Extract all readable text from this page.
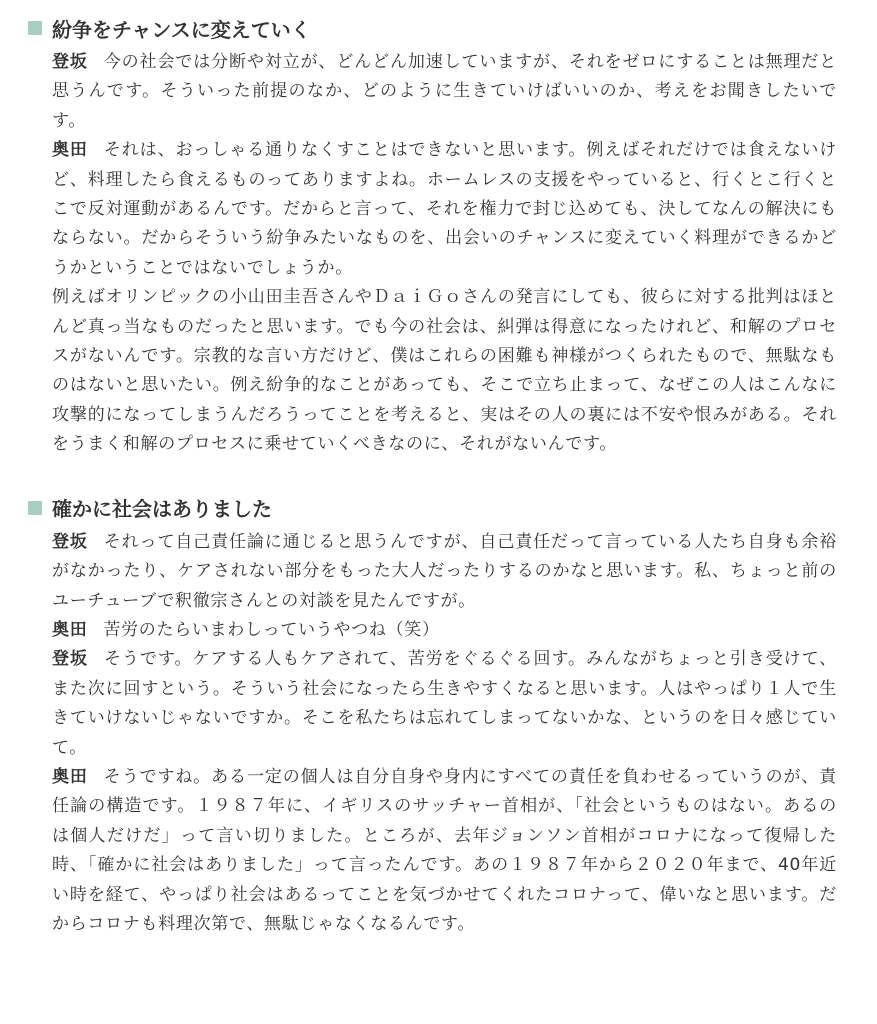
紛争をチャンスに変えていく

登坂 今の社会では分断や対立が、どんどん加速していますが、それをゼロにすることは無理だと思うんです。そういった前提のなか、どのように生きていけばいいのか、考えをお聞きしたいです。

奥田 それは、おっしゃる通りなくすことはできないと思います。例えばそれだけでは食えないけど、料理したら食えるものってありますよね。ホームレスの支援をやっていると、行くとこ行くとこで反対運動があるんです。だからと言って、それを権力で封じ込めても、決してなんの解決にもならない。だからそういう紛争みたいなものを、出会いのチャンスに変えていく料理ができるかどうかということではないでしょうか。

例えばオリンピックの小山田圭吾さんやＤａｉＧｏさんの発言にしても、彼らに対する批判はほとんど真っ当なものだったと思います。でも今の社会は、糾弾は得意になったけれど、和解のプロセスがないんです。宗教的な言い方だけど、僕はこれらの困難も神様がつくられたもので、無駄なものはないと思いたい。例え紛争的なことがあっても、そこで立ち止まって、なぜこの人はこんなに攻撃的になってしまうんだろうってことを考えると、実はその人の裏には不安や恨みがある。それをうまく和解のプロセスに乗せていくべきなのに、それがないんです。

確かに社会はありました

登坂 それって自己責任論に通じると思うんですが、自己責任だって言っている人たち自身も余裕がなかったり、ケアされない部分をもった大人だったりするのかなと思います。私、ちょっと前のユーチューブで釈徹宗さんとの対談を見たんですが。

奥田 苦労のたらいまわしっていうやつね（笑）

登坂 そうです。ケアする人もケアされて、苦労をぐるぐる回す。みんながちょっと引き受けて、また次に回すという。そういう社会になったら生きやすくなると思います。人はやっぱり１人で生きていけないじゃないですか。そこを私たちは忘れてしまってないかな、というのを日々感じていて。

奥田 そうですね。ある一定の個人は自分自身や身内にすべての責任を負わせるっていうのが、責任論の構造です。１９８７年に、イギリスのサッチャー首相が、「社会というものはない。あるのは個人だけだ」って言い切りました。ところが、去年ジョンソン首相がコロナになって復帰した時、「確かに社会はありました」って言ったんです。あの１９８７年から２０２０年まで、40年近い時を経て、やっぱり社会はあるってことを気づかせてくれたコロナって、偉いなと思います。だからコロナも料理次第で、無駄じゃなくなるんです。
